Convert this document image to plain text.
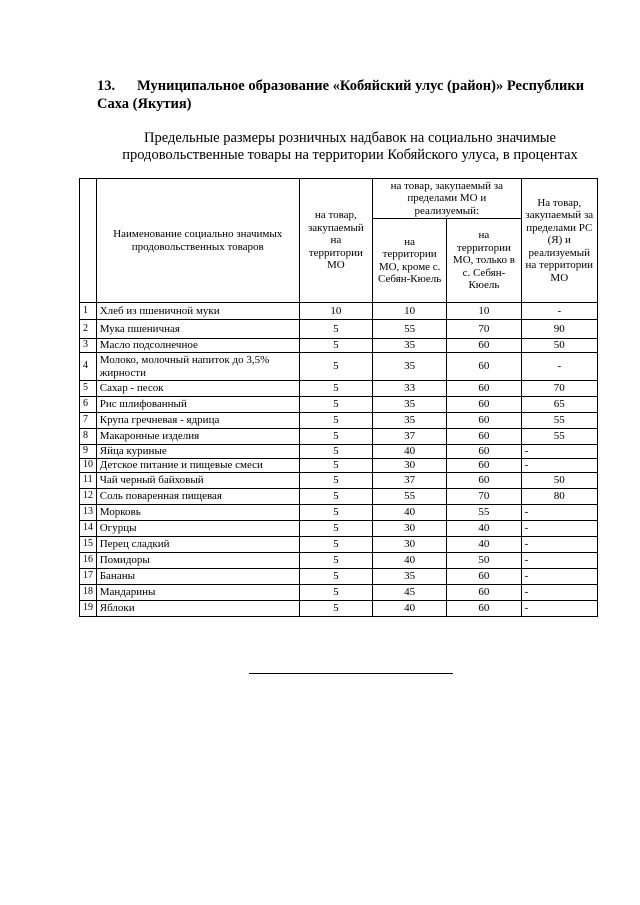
13. Муниципальное образование «Кобяйский улус (район)» Республики Саха (Якутия)
Предельные размеры розничных надбавок на социально значимые продовольственные товары на территории Кобяйского улуса, в процентах
	Наименование социально значимых продовольственных товаров	на товар, закупаемый на территории МО	на товар, закупаемый за пределами МО и реализуемый:		На товар, закупаемый за пределами РС (Я) и реализуемый на территории МО
			на территории МО, кроме с. Себян-Кюель	на территории МО, только в с. Себян-Кюель	
1	Хлеб из пшеничной муки	10	10	10	-
2	Мука пшеничная	5	55	70	90
3	Масло подсолнечное	5	35	60	50
4	Молоко, молочный напиток до 3,5% жирности	5	35	60	-
5	Сахар - песок	5	33	60	70
6	Рис шлифованный	5	35	60	65
7	Крупа гречневая - ядрица	5	35	60	55
8	Макаронные изделия	5	37	60	55
9	Яйца куриные	5	40	60	-
10	Детское питание и пищевые смеси	5	30	60	-
11	Чай черный байховый	5	37	60	50
12	Соль поваренная пищевая	5	55	70	80
13	Морковь	5	40	55	-
14	Огурцы	5	30	40	-
15	Перец сладкий	5	30	40	-
16	Помидоры	5	40	50	-
17	Бананы	5	35	60	-
18	Мандарины	5	45	60	-
19	Яблоки	5	40	60	-
